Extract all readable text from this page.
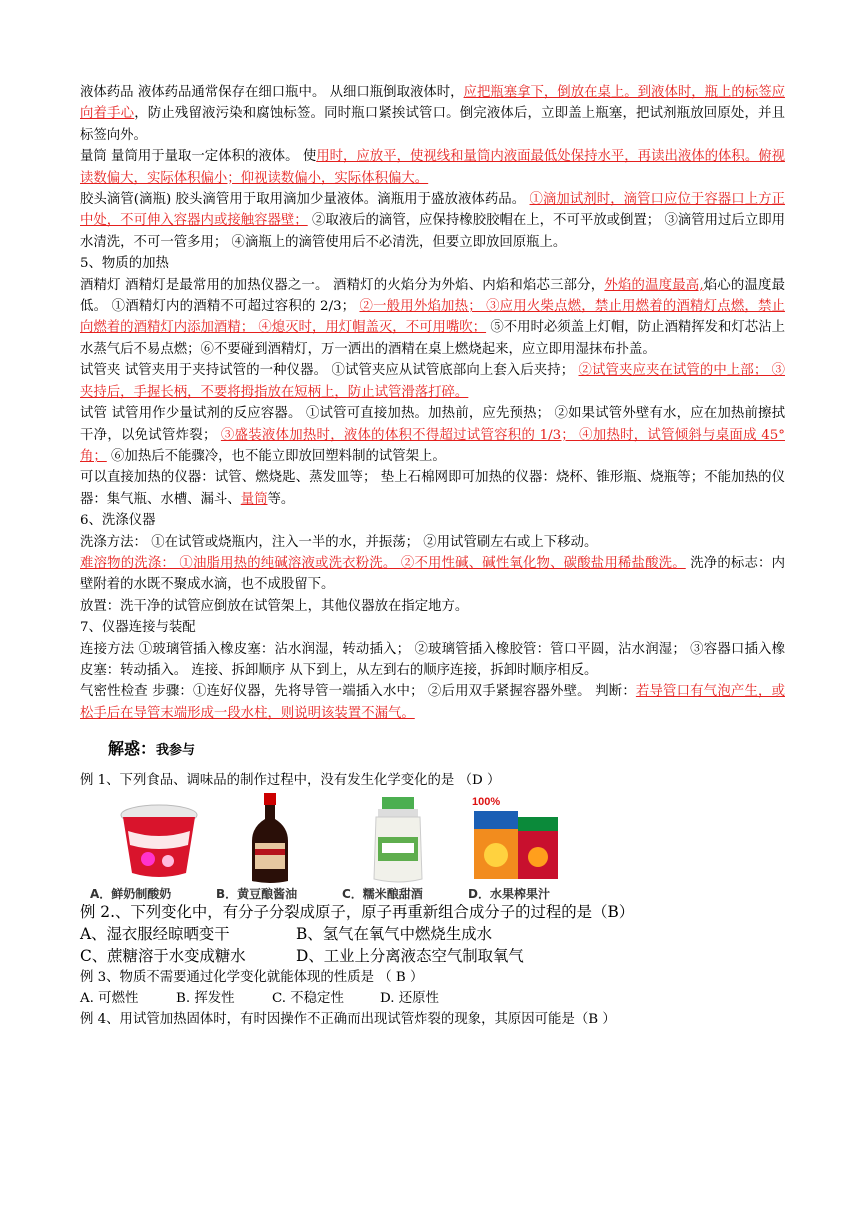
液体药品 液体药品通常保存在细口瓶中。 从细口瓶倒取液体时，应把瓶塞拿下，倒放在桌上。到液体时，瓶上的标签应向着手心，防止残留液污染和腐蚀标签。同时瓶口紧挨试管口。倒完液体后，立即盖上瓶塞，把试剂瓶放回原处，并且标签向外。

量筒 量筒用于量取一定体积的液体。 使用时，应放平，使视线和量筒内液面最低处保持水平，再读出液体的体积。俯视读数偏大，实际体积偏小；仰视读数偏小，实际体积偏大。

胶头滴管(滴瓶) 胶头滴管用于取用滴加少量液体。滴瓶用于盛放液体药品。 ①滴加试剂时，滴管口应位于容器口上方正中处，不可伸入容器内或接触容器壁； ②取液后的滴管，应保持橡胶胶帽在上，不可平放或倒置； ③滴管用过后立即用水清洗，不可一管多用； ④滴瓶上的滴管使用后不必清洗，但要立即放回原瓶上。

5、物质的加热

酒精灯 酒精灯是最常用的加热仪器之一。 酒精灯的火焰分为外焰、内焰和焰芯三部分，外焰的温度最高,焰心的温度最低。 ①酒精灯内的酒精不可超过容积的 2/3； ②一般用外焰加热； ③应用火柴点燃，禁止用燃着的酒精灯点燃，禁止向燃着的酒精灯内添加酒精； ④熄灭时，用灯帽盖灭，不可用嘴吹； ⑤不用时必须盖上灯帽，防止酒精挥发和灯芯沾上水蒸气后不易点燃；⑥不要碰到酒精灯，万一洒出的酒精在桌上燃烧起来，应立即用湿抹布扑盖。

试管夹 试管夹用于夹持试管的一种仪器。 ①试管夹应从试管底部向上套入后夹持； ②试管夹应夹在试管的中上部； ③夹持后，手握长柄，不要将拇指放在短柄上，防止试管滑落打碎。

试管 试管用作少量试剂的反应容器。 ①试管可直接加热。加热前，应先预热； ②如果试管外壁有水，应在加热前擦拭干净，以免试管炸裂； ③盛装液体加热时，液体的体积不得超过试管容积的 1/3； ④加热时，试管倾斜与桌面成 45° 角； ⑥加热后不能骤冷，也不能立即放回塑料制的试管架上。

可以直接加热的仪器：试管、燃烧匙、蒸发皿等； 垫上石棉网即可加热的仪器：烧杯、锥形瓶、烧瓶等；不能加热的仪器：集气瓶、水槽、漏斗、量筒等。

6、洗涤仪器

洗涤方法： ①在试管或烧瓶内，注入一半的水，并振荡； ②用试管刷左右或上下移动。

难溶物的洗涤： ①油脂用热的纯碱溶液或洗衣粉洗。 ②不用性碱、碱性氧化物、碳酸盐用稀盐酸洗。 洗净的标志：内壁附着的水既不聚成水滴，也不成股留下。

放置：洗干净的试管应倒放在试管架上，其他仪器放在指定地方。

7、仪器连接与装配

连接方法 ①玻璃管插入橡皮塞：沾水润湿，转动插入； ②玻璃管插入橡胶管：管口平圆，沾水润湿； ③容器口插入橡皮塞：转动插入。 连接、拆卸顺序 从下到上，从左到右的顺序连接，拆卸时顺序相反。

气密性检查 步骤：①连好仪器，先将导管一端插入水中； ②后用双手紧握容器外壁。 判断：若导管口有气泡产生，或松手后在导管末端形成一段水柱，则说明该装置不漏气。

解惑：我参与

例 1、下列食品、调味品的制作过程中，没有发生化学变化的是 （D ）

100%
A．鲜奶制酸奶	B．黄豆酿酱油	C．糯米酿甜酒	D．水果榨果汁

例 2.、下列变化中，有分子分裂成原子，原子再重新组合成分子的过程的是（B）

A、湿衣服经晾晒变干	B、氢气在氧气中燃烧生成水

C、蔗糖溶于水变成糖水	D、工业上分离液态空气制取氧气

例 3、物质不需要通过化学变化就能体现的性质是 （ B ）

A. 可燃性	B. 挥发性	C. 不稳定性	D. 还原性

例 4、用试管加热固体时，有时因操作不正确而出现试管炸裂的现象，其原因可能是（B ）
